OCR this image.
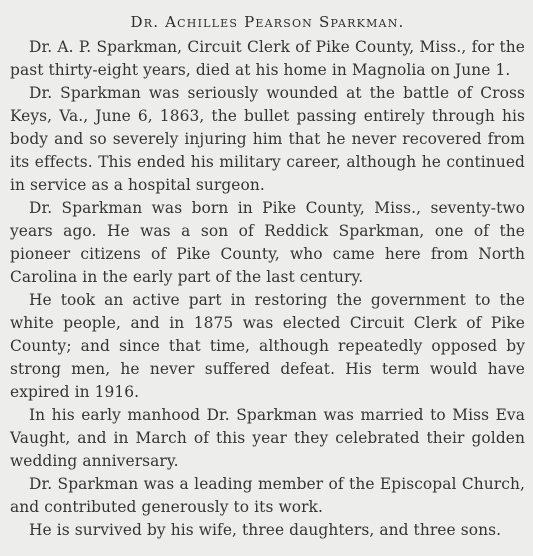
Dr. Achilles Pearson Sparkman.

Dr. A. P. Sparkman, Circuit Clerk of Pike County, Miss., for the past thirty-eight years, died at his home in Magnolia on June 1.

Dr. Sparkman was seriously wounded at the battle of Cross Keys, Va., June 6, 1863, the bullet passing entirely through his body and so severely injuring him that he never recovered from its effects. This ended his military career, although he continued in service as a hospital surgeon.

Dr. Sparkman was born in Pike County, Miss., seventy-two years ago. He was a son of Reddick Sparkman, one of the pioneer citizens of Pike County, who came here from North Carolina in the early part of the last century.

He took an active part in restoring the government to the white people, and in 1875 was elected Circuit Clerk of Pike County; and since that time, although repeatedly opposed by strong men, he never suffered defeat. His term would have expired in 1916.

In his early manhood Dr. Sparkman was married to Miss Eva Vaught, and in March of this year they celebrated their golden wedding anniversary.

Dr. Sparkman was a leading member of the Episcopal Church, and contributed generously to its work.

He is survived by his wife, three daughters, and three sons.
